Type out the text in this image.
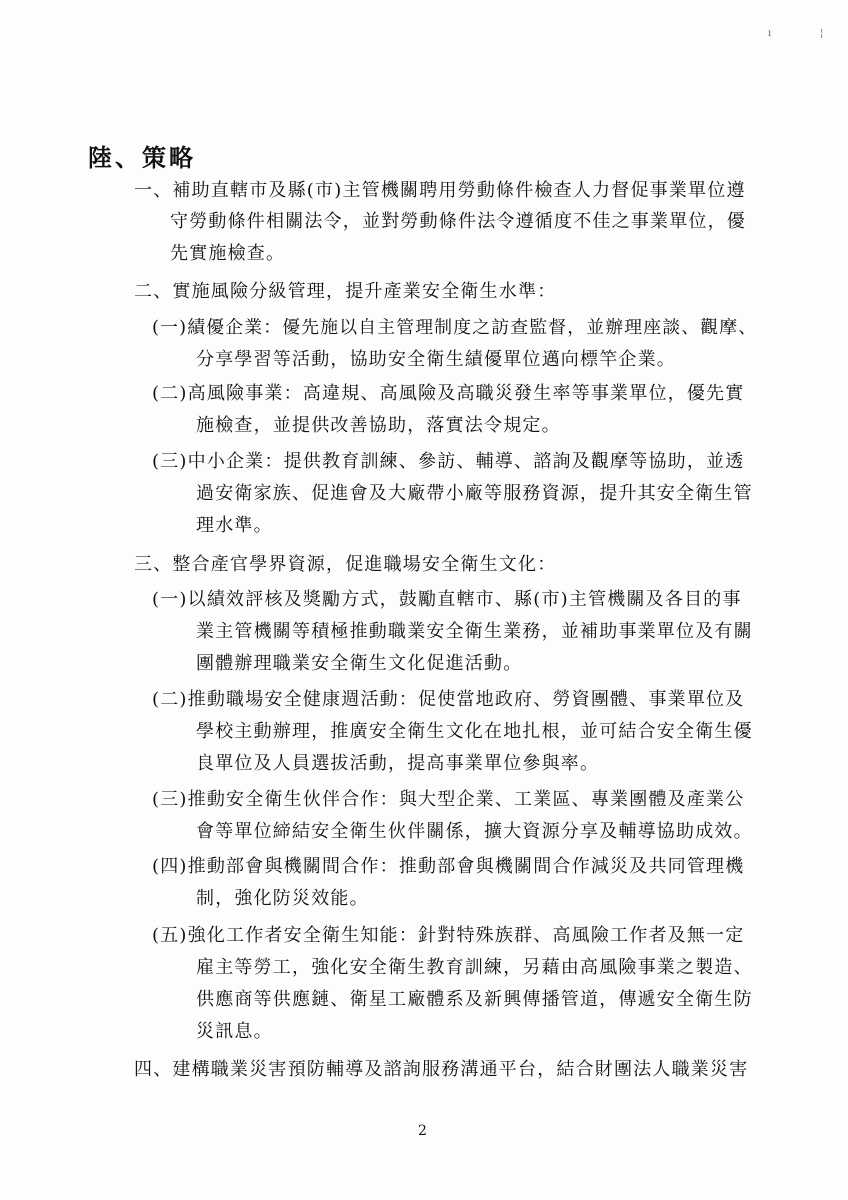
ı	¦
陸、策略
一、補助直轄市及縣(市)主管機關聘用勞動條件檢查人力督促事業單位遵
守勞動條件相關法令，並對勞動條件法令遵循度不佳之事業單位，優
先實施檢查。
二、實施風險分級管理，提升產業安全衛生水準：
(一)績優企業：優先施以自主管理制度之訪查監督，並辦理座談、觀摩、
分享學習等活動，協助安全衛生績優單位邁向標竿企業。
(二)高風險事業：高違規、高風險及高職災發生率等事業單位，優先實
施檢查，並提供改善協助，落實法令規定。
(三)中小企業：提供教育訓練、參訪、輔導、諮詢及觀摩等協助，並透
過安衛家族、促進會及大廠帶小廠等服務資源，提升其安全衛生管
理水準。
三、整合產官學界資源，促進職場安全衛生文化：
(一)以績效評核及獎勵方式，鼓勵直轄市、縣(市)主管機關及各目的事
業主管機關等積極推動職業安全衛生業務，並補助事業單位及有關
團體辦理職業安全衛生文化促進活動。
(二)推動職場安全健康週活動：促使當地政府、勞資團體、事業單位及
學校主動辦理，推廣安全衛生文化在地扎根，並可結合安全衛生優
良單位及人員選拔活動，提高事業單位參與率。
(三)推動安全衛生伙伴合作：與大型企業、工業區、專業團體及產業公
會等單位締結安全衛生伙伴關係，擴大資源分享及輔導協助成效。
(四)推動部會與機關間合作：推動部會與機關間合作減災及共同管理機
制，強化防災效能。
(五)強化工作者安全衛生知能：針對特殊族群、高風險工作者及無一定
雇主等勞工，強化安全衛生教育訓練，另藉由高風險事業之製造、
供應商等供應鏈、衛星工廠體系及新興傳播管道，傳遞安全衛生防
災訊息。
四、建構職業災害預防輔導及諮詢服務溝通平台，結合財團法人職業災害
2
